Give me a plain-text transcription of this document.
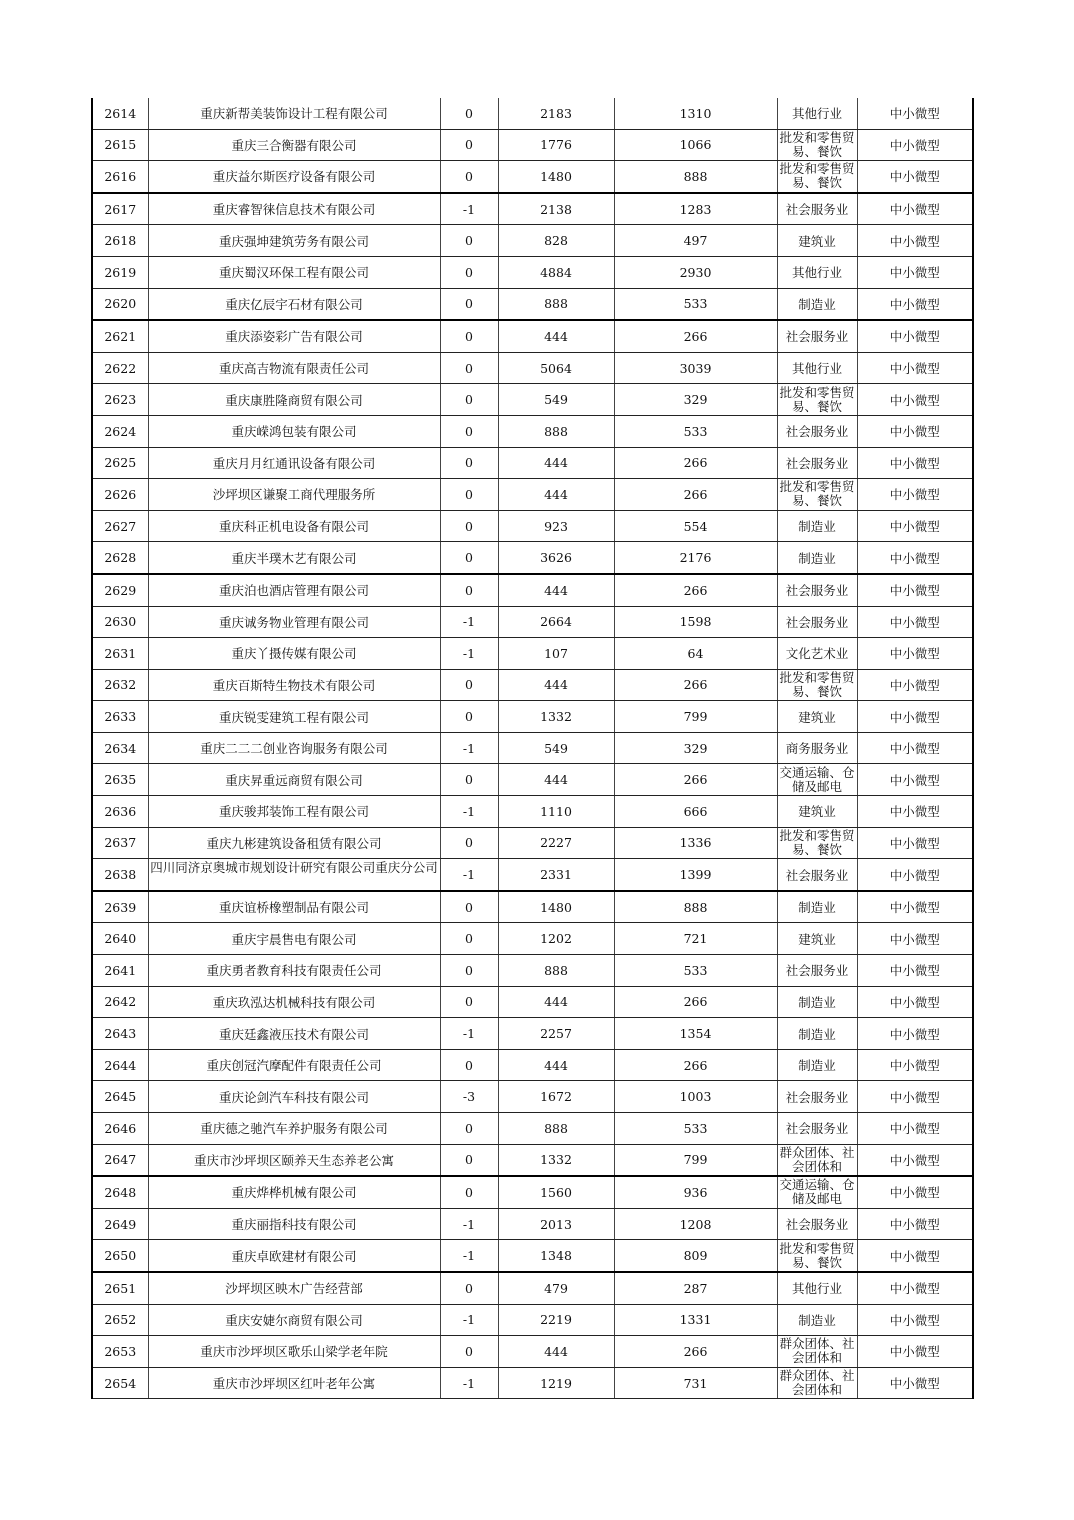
2614	重庆新帮美装饰设计工程有限公司	0	2183	1310	其他行业	中小微型
2615	重庆三合衡器有限公司	0	1776	1066	批发和零售贸易、餐饮	中小微型
2616	重庆益尔斯医疗设备有限公司	0	1480	888	批发和零售贸易、餐饮	中小微型
2617	重庆睿智徕信息技术有限公司	-1	2138	1283	社会服务业	中小微型
2618	重庆强坤建筑劳务有限公司	0	828	497	建筑业	中小微型
2619	重庆蜀汉环保工程有限公司	0	4884	2930	其他行业	中小微型
2620	重庆亿辰宇石材有限公司	0	888	533	制造业	中小微型
2621	重庆添姿彩广告有限公司	0	444	266	社会服务业	中小微型
2622	重庆高吉物流有限责任公司	0	5064	3039	其他行业	中小微型
2623	重庆康胜隆商贸有限公司	0	549	329	批发和零售贸易、餐饮	中小微型
2624	重庆嵘鸿包装有限公司	0	888	533	社会服务业	中小微型
2625	重庆月月红通讯设备有限公司	0	444	266	社会服务业	中小微型
2626	沙坪坝区谦聚工商代理服务所	0	444	266	批发和零售贸易、餐饮	中小微型
2627	重庆科正机电设备有限公司	0	923	554	制造业	中小微型
2628	重庆半璞木艺有限公司	0	3626	2176	制造业	中小微型
2629	重庆泊也酒店管理有限公司	0	444	266	社会服务业	中小微型
2630	重庆诚务物业管理有限公司	-1	2664	1598	社会服务业	中小微型
2631	重庆丫摄传媒有限公司	-1	107	64	文化艺术业	中小微型
2632	重庆百斯特生物技术有限公司	0	444	266	批发和零售贸易、餐饮	中小微型
2633	重庆锐雯建筑工程有限公司	0	1332	799	建筑业	中小微型
2634	重庆二二二创业咨询服务有限公司	-1	549	329	商务服务业	中小微型
2635	重庆昇重远商贸有限公司	0	444	266	交通运输、仓储及邮电	中小微型
2636	重庆骏邦装饰工程有限公司	-1	1110	666	建筑业	中小微型
2637	重庆九彬建筑设备租赁有限公司	0	2227	1336	批发和零售贸易、餐饮	中小微型
2638	四川同济京奥城市规划设计研究有限公司重庆分公司	-1	2331	1399	社会服务业	中小微型
2639	重庆谊桥橡塑制品有限公司	0	1480	888	制造业	中小微型
2640	重庆宇晨售电有限公司	0	1202	721	建筑业	中小微型
2641	重庆勇者教育科技有限责任公司	0	888	533	社会服务业	中小微型
2642	重庆玖泓达机械科技有限公司	0	444	266	制造业	中小微型
2643	重庆廷鑫液压技术有限公司	-1	2257	1354	制造业	中小微型
2644	重庆创冠汽摩配件有限责任公司	0	444	266	制造业	中小微型
2645	重庆论剑汽车科技有限公司	-3	1672	1003	社会服务业	中小微型
2646	重庆德之驰汽车养护服务有限公司	0	888	533	社会服务业	中小微型
2647	重庆市沙坪坝区颐养天生态养老公寓	0	1332	799	群众团体、社会团体和	中小微型
2648	重庆烨桦机械有限公司	0	1560	936	交通运输、仓储及邮电	中小微型
2649	重庆丽指科技有限公司	-1	2013	1208	社会服务业	中小微型
2650	重庆卓欧建材有限公司	-1	1348	809	批发和零售贸易、餐饮	中小微型
2651	沙坪坝区映木广告经营部	0	479	287	其他行业	中小微型
2652	重庆安婕尔商贸有限公司	-1	2219	1331	制造业	中小微型
2653	重庆市沙坪坝区歌乐山梁学老年院	0	444	266	群众团体、社会团体和	中小微型
2654	重庆市沙坪坝区红叶老年公寓	-1	1219	731	群众团体、社会团体和	中小微型
